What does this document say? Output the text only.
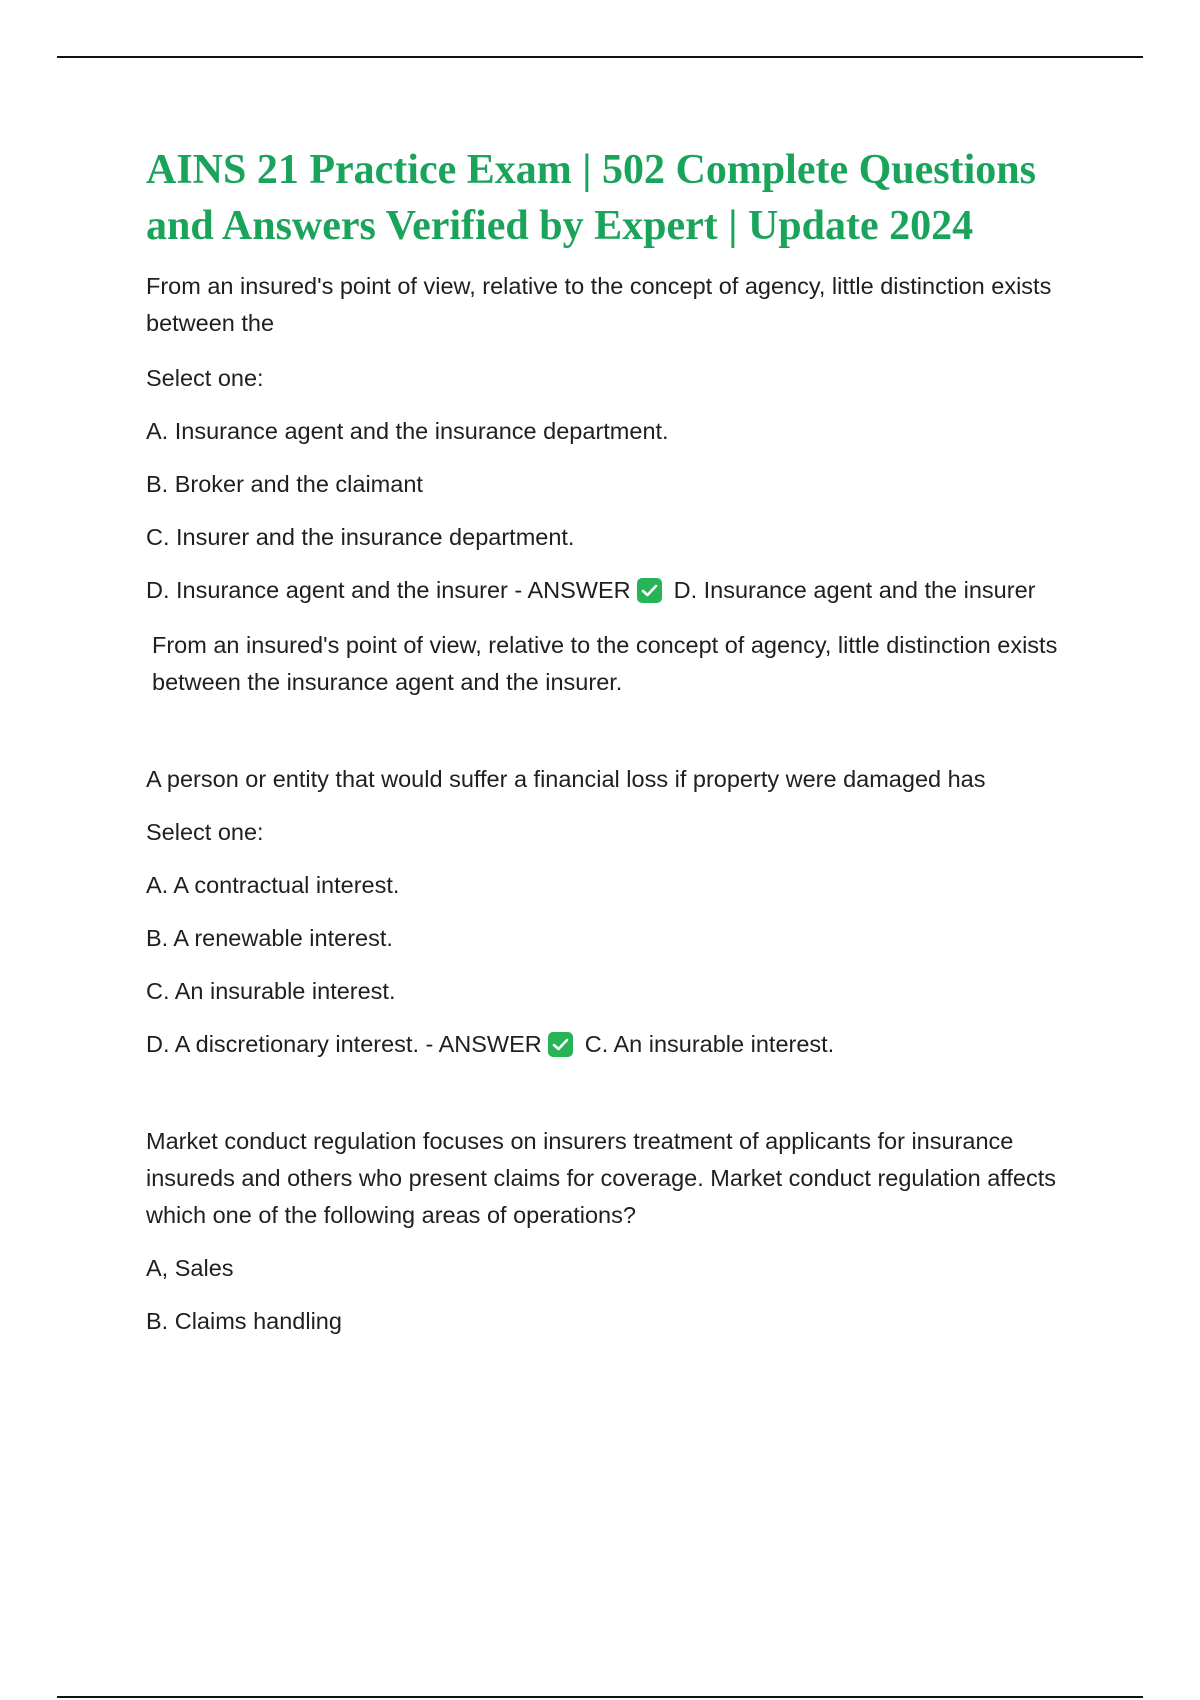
AINS 21 Practice Exam | 502 Complete Questions and Answers Verified by Expert | Update 2024

From an insured's point of view, relative to the concept of agency, little distinction exists between the

Select one:

A. Insurance agent and the insurance department.

B. Broker and the claimant

C. Insurer and the insurance department.

D. Insurance agent and the insurer - ANSWER D. Insurance agent and the insurer

From an insured's point of view, relative to the concept of agency, little distinction exists between the insurance agent and the insurer.

A person or entity that would suffer a financial loss if property were damaged has

Select one:

A. A contractual interest.

B. A renewable interest.

C. An insurable interest.

D. A discretionary interest. - ANSWER C. An insurable interest.

Market conduct regulation focuses on insurers treatment of applicants for insurance insureds and others who present claims for coverage. Market conduct regulation affects which one of the following areas of operations?

A, Sales

B. Claims handling
